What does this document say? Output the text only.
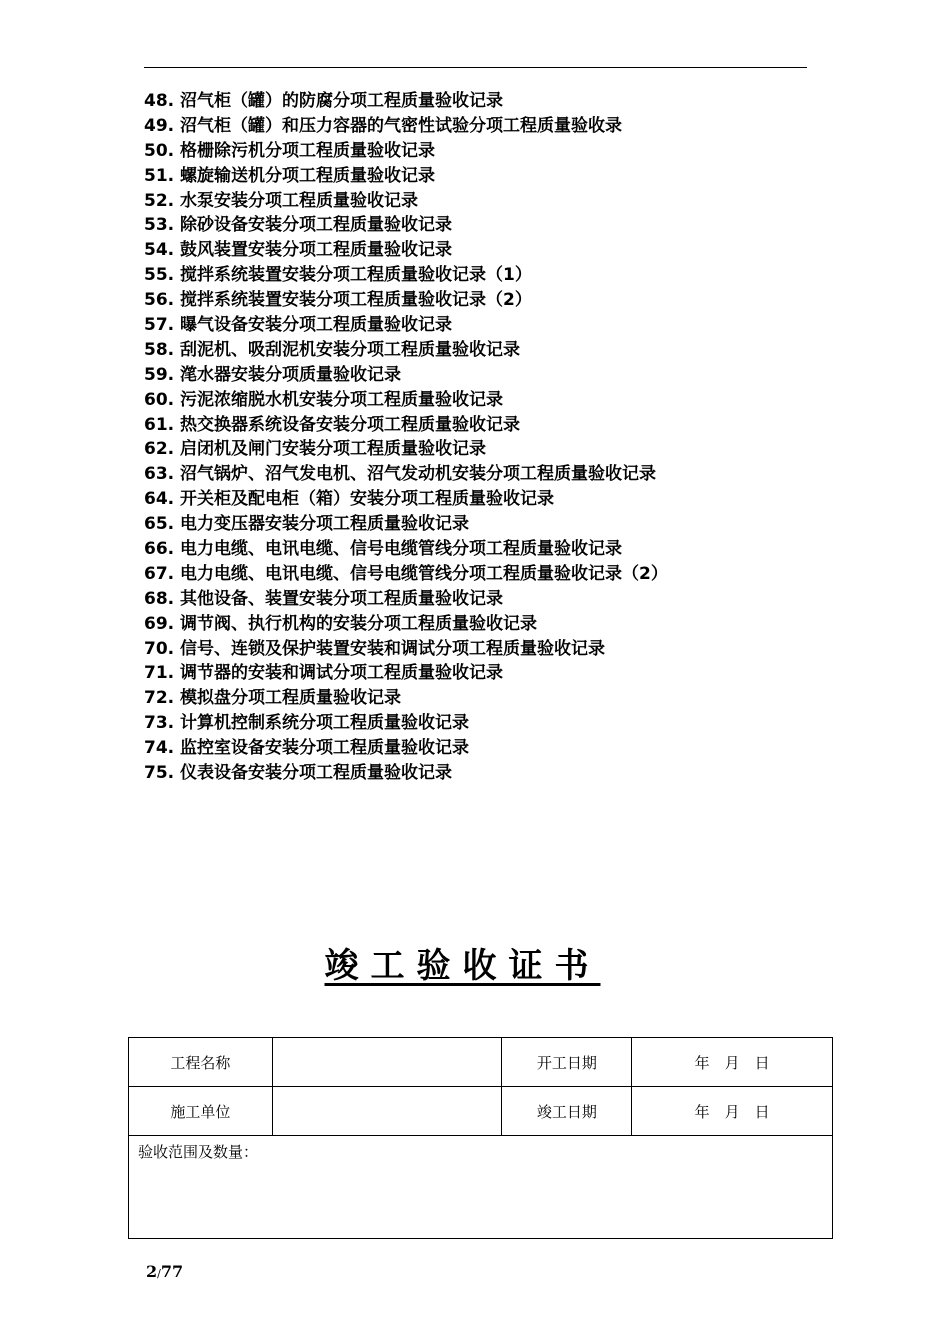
48. 沼气柜（罐）的防腐分项工程质量验收记录
49. 沼气柜（罐）和压力容器的气密性试验分项工程质量验收录
50. 格栅除污机分项工程质量验收记录
51. 螺旋输送机分项工程质量验收记录
52. 水泵安装分项工程质量验收记录
53. 除砂设备安装分项工程质量验收记录
54. 鼓风装置安装分项工程质量验收记录
55. 搅拌系统装置安装分项工程质量验收记录（1）
56. 搅拌系统装置安装分项工程质量验收记录（2）
57. 曝气设备安装分项工程质量验收记录
58. 刮泥机、吸刮泥机安装分项工程质量验收记录
59. 滗水器安装分项质量验收记录
60. 污泥浓缩脱水机安装分项工程质量验收记录
61. 热交换器系统设备安装分项工程质量验收记录
62. 启闭机及闸门安装分项工程质量验收记录
63. 沼气锅炉、沼气发电机、沼气发动机安装分项工程质量验收记录
64. 开关柜及配电柜（箱）安装分项工程质量验收记录
65. 电力变压器安装分项工程质量验收记录
66. 电力电缆、电讯电缆、信号电缆管线分项工程质量验收记录
67. 电力电缆、电讯电缆、信号电缆管线分项工程质量验收记录（2）
68. 其他设备、装置安装分项工程质量验收记录
69. 调节阀、执行机构的安装分项工程质量验收记录
70. 信号、连锁及保护装置安装和调试分项工程质量验收记录
71. 调节器的安装和调试分项工程质量验收记录
72. 模拟盘分项工程质量验收记录
73. 计算机控制系统分项工程质量验收记录
74. 监控室设备安装分项工程质量验收记录
75. 仪表设备安装分项工程质量验收记录
竣工验收证书
工程名称		开工日期	年　月　日
施工单位		竣工日期	年　月　日
验收范围及数量：			
2/77
